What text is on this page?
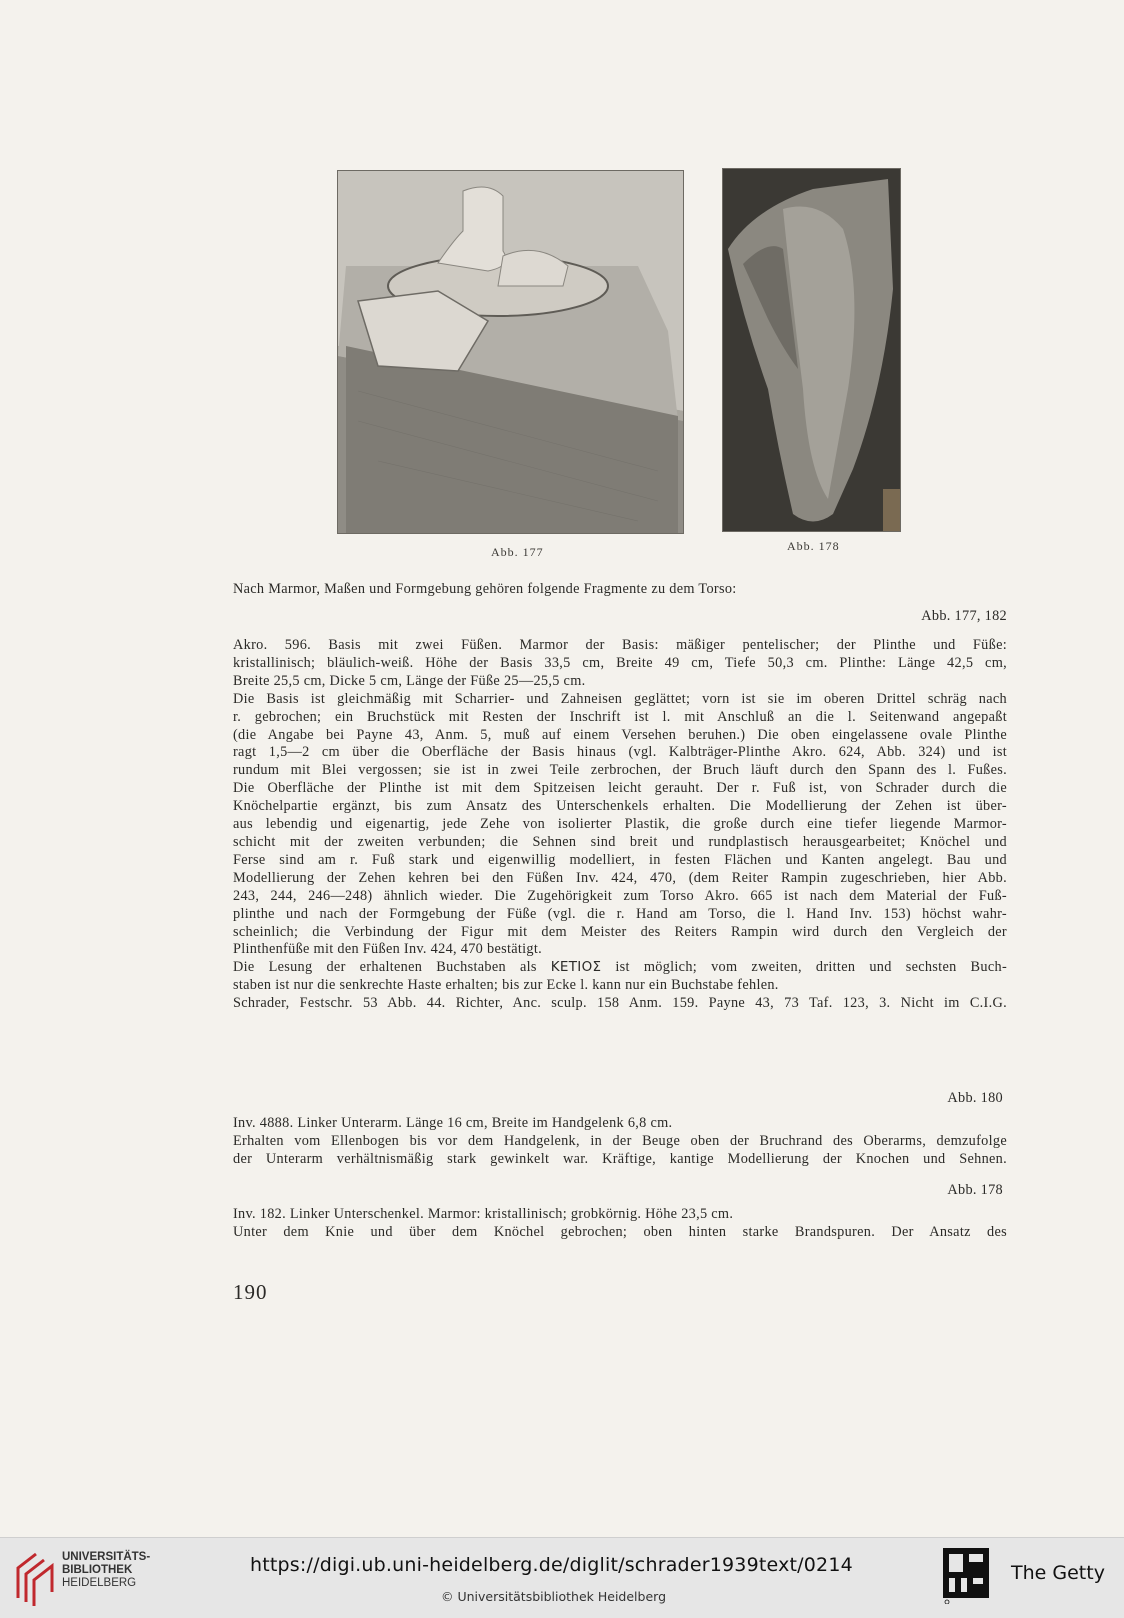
Abb. 177	Abb. 178
Nach Marmor, Maßen und Formgebung gehören folgende Fragmente zu dem Torso:
Abb. 177, 182
Akro. 596. Basis mit zwei Füßen. Marmor der Basis: mäßiger pentelischer; der Plinthe und Füße:
kristallinisch; bläulich-weiß. Höhe der Basis 33,5 cm, Breite 49 cm, Tiefe 50,3 cm. Plinthe: Länge 42,5 cm,
Breite 25,5 cm, Dicke 5 cm, Länge der Füße 25—25,5 cm.
Die Basis ist gleichmäßig mit Scharrier- und Zahneisen geglättet; vorn ist sie im oberen Drittel schräg nach
r. gebrochen; ein Bruchstück mit Resten der Inschrift ist l. mit Anschluß an die l. Seitenwand angepaßt
(die Angabe bei Payne 43, Anm. 5, muß auf einem Versehen beruhen.) Die oben eingelassene ovale Plinthe
ragt 1,5—2 cm über die Oberfläche der Basis hinaus (vgl. Kalbträger-Plinthe Akro. 624, Abb. 324) und ist
rundum mit Blei vergossen; sie ist in zwei Teile zerbrochen, der Bruch läuft durch den Spann des l. Fußes.
Die Oberfläche der Plinthe ist mit dem Spitzeisen leicht gerauht. Der r. Fuß ist, von Schrader durch die
Knöchelpartie ergänzt, bis zum Ansatz des Unterschenkels erhalten. Die Modellierung der Zehen ist über-
aus lebendig und eigenartig, jede Zehe von isolierter Plastik, die große durch eine tiefer liegende Marmor-
schicht mit der zweiten verbunden; die Sehnen sind breit und rundplastisch herausgearbeitet; Knöchel und
Ferse sind am r. Fuß stark und eigenwillig modelliert, in festen Flächen und Kanten angelegt. Bau und
Modellierung der Zehen kehren bei den Füßen Inv. 424, 470, (dem Reiter Rampin zugeschrieben, hier Abb.
243, 244, 246—248) ähnlich wieder. Die Zugehörigkeit zum Torso Akro. 665 ist nach dem Material der Fuß-
plinthe und nach der Formgebung der Füße (vgl. die r. Hand am Torso, die l. Hand Inv. 153) höchst wahr-
scheinlich; die Verbindung der Figur mit dem Meister des Reiters Rampin wird durch den Vergleich der
Plinthenfüße mit den Füßen Inv. 424, 470 bestätigt.
Die Lesung der erhaltenen Buchstaben als ΚΕΤΙΟΣ ist möglich; vom zweiten, dritten und sechsten Buch-
staben ist nur die senkrechte Haste erhalten; bis zur Ecke l. kann nur ein Buchstabe fehlen.
Schrader, Festschr. 53 Abb. 44. Richter, Anc. sculp. 158 Anm. 159. Payne 43, 73 Taf. 123, 3. Nicht im C.I.G.
Abb. 180
Inv. 4888. Linker Unterarm. Länge 16 cm, Breite im Handgelenk 6,8 cm.
Erhalten vom Ellenbogen bis vor dem Handgelenk, in der Beuge oben der Bruchrand des Oberarms, demzufolge
der Unterarm verhältnismäßig stark gewinkelt war. Kräftige, kantige Modellierung der Knochen und Sehnen.
Abb. 178
Inv. 182. Linker Unterschenkel. Marmor: kristallinisch; grobkörnig. Höhe 23,5 cm.
Unter dem Knie und über dem Knöchel gebrochen; oben hinten starke Brandspuren. Der Ansatz des
190
UNIVERSITÄTS-
BIBLIOTHEK
HEIDELBERG
https://digi.ub.uni-heidelberg.de/diglit/schrader1939text/0214
© Universitätsbibliothek Heidelberg
The Getty
